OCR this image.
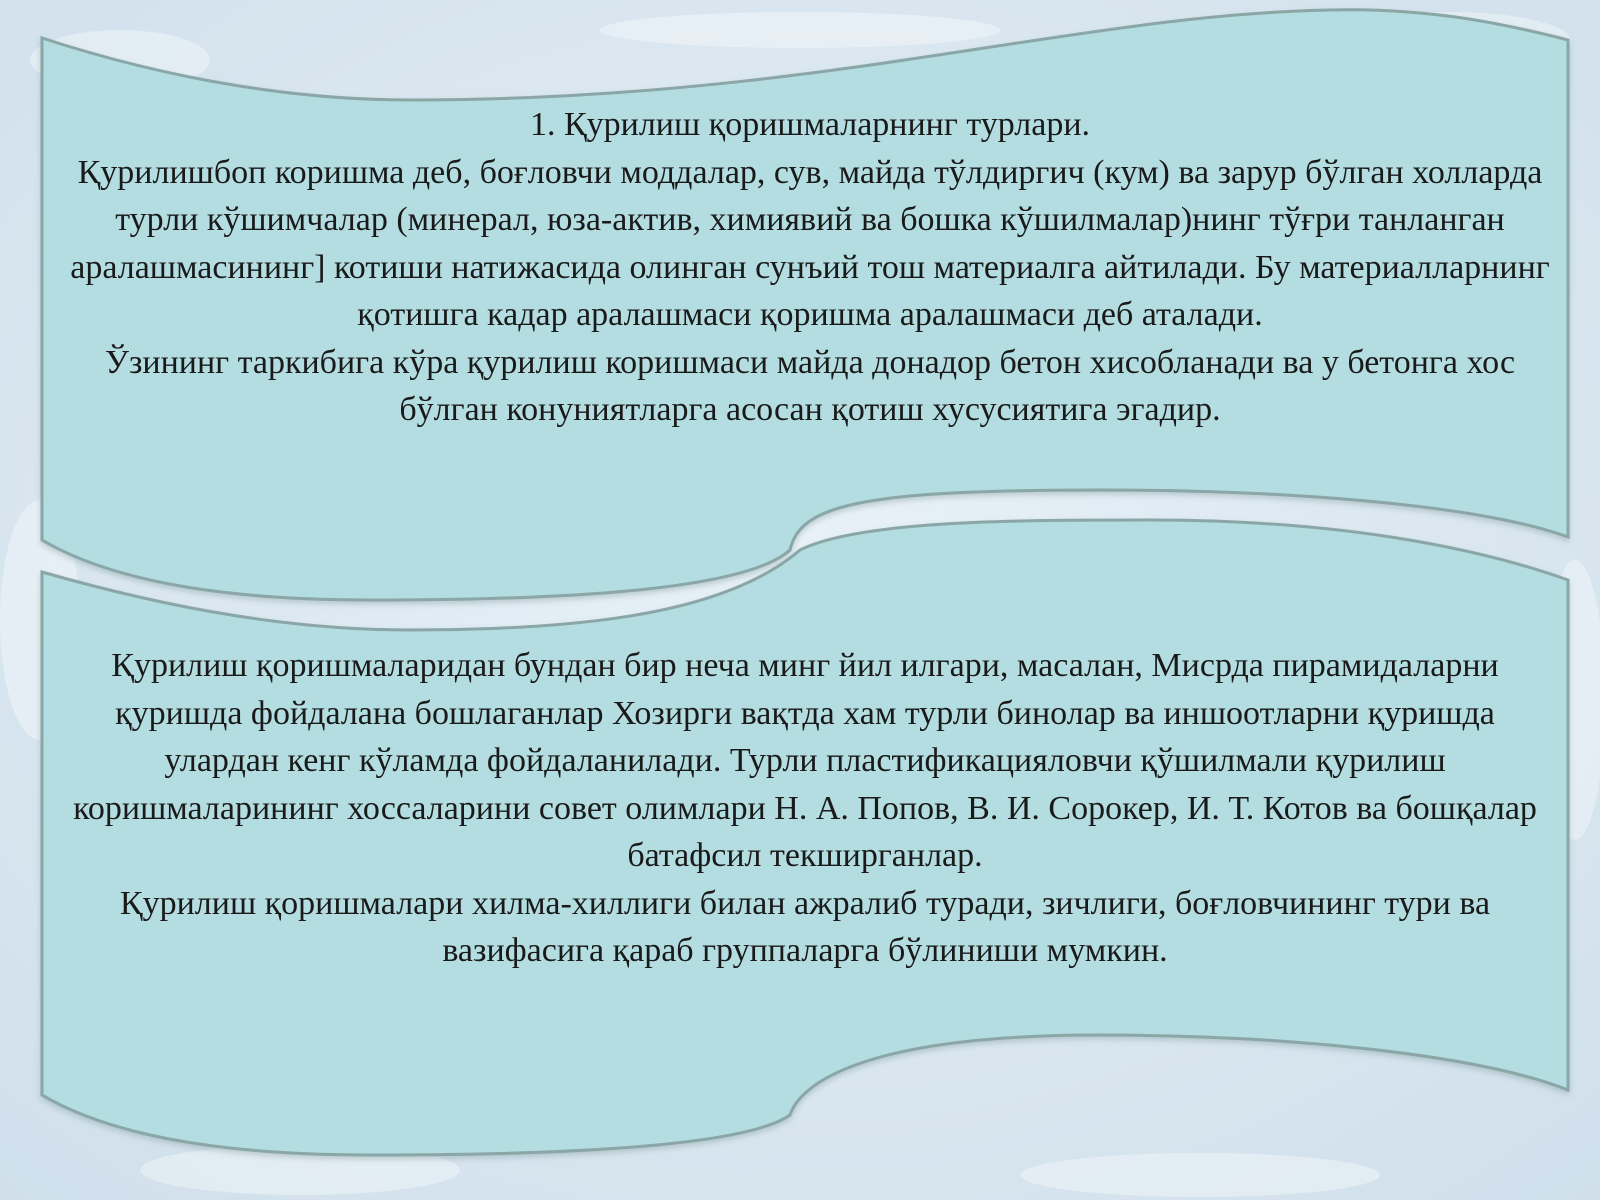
1. Қурилиш қоришмаларнинг турлари.

Қурилишбоп коришма деб, боғловчи моддалар, сув, майда тўлдиргич (кум) ва зарур бўлган холларда турли кўшимчалар (минерал, юза-актив, химиявий ва бошка кўшилмалар)нинг тўғри танланган аралашмасининг] котиши натижасида олинган сунъий тош материалга айтилади. Бу материалларнинг қотишга кадар аралашмаси қоришма аралашмаси деб аталади.

Ўзининг таркибига кўра қурилиш коришмаси майда донадор бетон хисобланади ва у бетонга хос бўлган конуниятларга асосан қотиш хусусиятига эгадир.

Қурилиш қоришмаларидан бундан бир неча минг йил илгари, масалан, Мисрда пирамидаларни қуришда фойдалана бошлаганлар Хозирги вақтда хам турли бинолар ва иншоотларни қуришда улардан кенг кўламда фойдаланилади. Турли пластификацияловчи қўшилмали қурилиш коришмаларининг хоссаларини совет олимлари Н. А. Попов, В. И. Сорокер, И. Т. Котов ва бошқалар батафсил текширганлар.

Қурилиш қоришмалари хилма-хиллиги билан ажралиб туради, зичлиги, боғловчининг тури ва вазифасига қараб группаларга бўлиниши мумкин.
